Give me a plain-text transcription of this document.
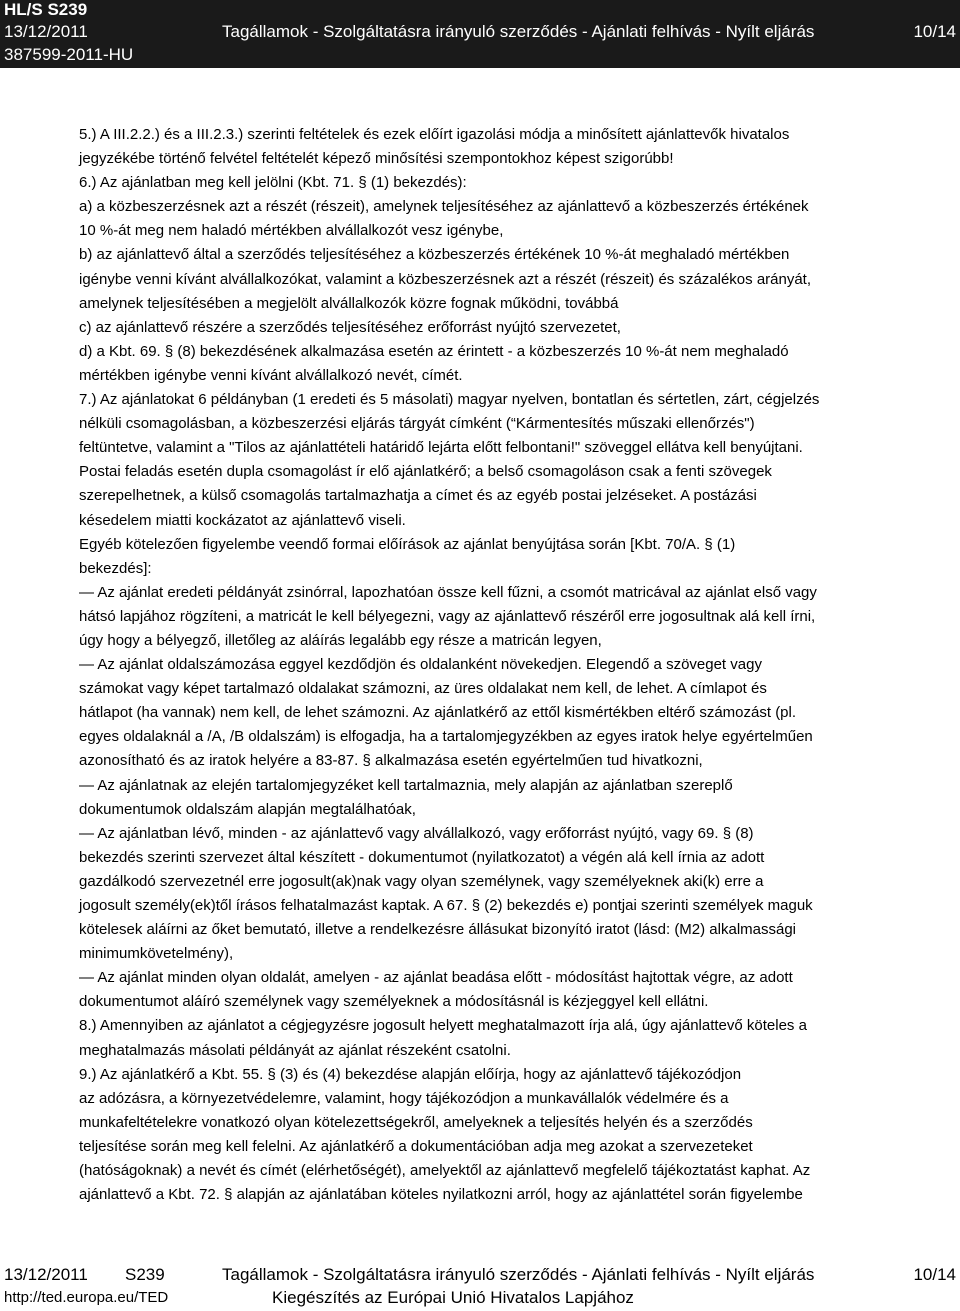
HL/S S239
13/12/2011	Tagállamok - Szolgáltatásra irányuló szerződés - Ajánlati felhívás - Nyílt eljárás	10/14
387599-2011-HU
5.) A III.2.2.) és a III.2.3.) szerinti feltételek és ezek előírt igazolási módja a minősített ajánlattevők hivatalos
jegyzékébe történő felvétel feltételét képező minősítési szempontokhoz képest szigorúbb!
6.) Az ajánlatban meg kell jelölni (Kbt. 71. § (1) bekezdés):
a) a közbeszerzésnek azt a részét (részeit), amelynek teljesítéséhez az ajánlattevő a közbeszerzés értékének
10 %-át meg nem haladó mértékben alvállalkozót vesz igénybe,
b) az ajánlattevő által a szerződés teljesítéséhez a közbeszerzés értékének 10 %-át meghaladó mértékben
igénybe venni kívánt alvállalkozókat, valamint a közbeszerzésnek azt a részét (részeit) és százalékos arányát,
amelynek teljesítésében a megjelölt alvállalkozók közre fognak működni, továbbá
c) az ajánlattevő részére a szerződés teljesítéséhez erőforrást nyújtó szervezetet,
d) a Kbt. 69. § (8) bekezdésének alkalmazása esetén az érintett - a közbeszerzés 10 %-át nem meghaladó
mértékben igénybe venni kívánt alvállalkozó nevét, címét.
7.) Az ajánlatokat 6 példányban (1 eredeti és 5 másolati) magyar nyelven, bontatlan és sértetlen, zárt, cégjelzés
nélküli csomagolásban, a közbeszerzési eljárás tárgyát címként (“Kármentesítés műszaki ellenőrzés")
feltüntetve, valamint a "Tilos az ajánlattételi határidő lejárta előtt felbontani!" szöveggel ellátva kell benyújtani.
Postai feladás esetén dupla csomagolást ír elő ajánlatkérő; a belső csomagoláson csak a fenti szövegek
szerepelhetnek, a külső csomagolás tartalmazhatja a címet és az egyéb postai jelzéseket. A postázási
késedelem miatti kockázatot az ajánlattevő viseli.
Egyéb kötelezően figyelembe veendő formai előírások az ajánlat benyújtása során [Kbt. 70/A. § (1)
bekezdés]:
— Az ajánlat eredeti példányát zsinórral, lapozhatóan össze kell fűzni, a csomót matricával az ajánlat első vagy
hátsó lapjához rögzíteni, a matricát le kell bélyegezni, vagy az ajánlattevő részéről erre jogosultnak alá kell írni,
úgy hogy a bélyegző, illetőleg az aláírás legalább egy része a matricán legyen,
— Az ajánlat oldalszámozása eggyel kezdődjön és oldalanként növekedjen. Elegendő a szöveget vagy
számokat vagy képet tartalmazó oldalakat számozni, az üres oldalakat nem kell, de lehet. A címlapot és
hátlapot (ha vannak) nem kell, de lehet számozni. Az ajánlatkérő az ettől kismértékben eltérő számozást (pl.
egyes oldalaknál a /A, /B oldalszám) is elfogadja, ha a tartalomjegyzékben az egyes iratok helye egyértelműen
azonosítható és az iratok helyére a 83-87. § alkalmazása esetén egyértelműen tud hivatkozni,
— Az ajánlatnak az elején tartalomjegyzéket kell tartalmaznia, mely alapján az ajánlatban szereplő
dokumentumok oldalszám alapján megtalálhatóak,
— Az ajánlatban lévő, minden - az ajánlattevő vagy alvállalkozó, vagy erőforrást nyújtó, vagy 69. § (8)
bekezdés szerinti szervezet által készített - dokumentumot (nyilatkozatot) a végén alá kell írnia az adott
gazdálkodó szervezetnél erre jogosult(ak)nak vagy olyan személynek, vagy személyeknek aki(k) erre a
jogosult személy(ek)től írásos felhatalmazást kaptak. A 67. § (2) bekezdés e) pontjai szerinti személyek maguk
kötelesek aláírni az őket bemutató, illetve a rendelkezésre állásukat bizonyító iratot (lásd: (M2) alkalmassági
minimumkövetelmény),
— Az ajánlat minden olyan oldalát, amelyen - az ajánlat beadása előtt - módosítást hajtottak végre, az adott
dokumentumot aláíró személynek vagy személyeknek a módosításnál is kézjeggyel kell ellátni.
8.) Amennyiben az ajánlatot a cégjegyzésre jogosult helyett meghatalmazott írja alá, úgy ajánlattevő köteles a
meghatalmazás másolati példányát az ajánlat részeként csatolni.
9.) Az ajánlatkérő a Kbt. 55. § (3) és (4) bekezdése alapján előírja, hogy az ajánlattevő tájékozódjon
az adózásra, a környezetvédelemre, valamint, hogy tájékozódjon a munkavállalók védelmére és a
munkafeltételekre vonatkozó olyan kötelezettségekről, amelyeknek a teljesítés helyén és a szerződés
teljesítése során meg kell felelni. Az ajánlatkérő a dokumentációban adja meg azokat a szervezeteket
(hatóságoknak) a nevét és címét (elérhetőségét), amelyektől az ajánlattevő megfelelő tájékoztatást kaphat. Az
ajánlattevő a Kbt. 72. § alapján az ajánlatában köteles nyilatkozni arról, hogy az ajánlattétel során figyelembe
13/12/2011 S239	Tagállamok - Szolgáltatásra irányuló szerződés - Ajánlati felhívás - Nyílt eljárás	10/14
http://ted.europa.eu/TED	Kiegészítés az Európai Unió Hivatalos Lapjához
